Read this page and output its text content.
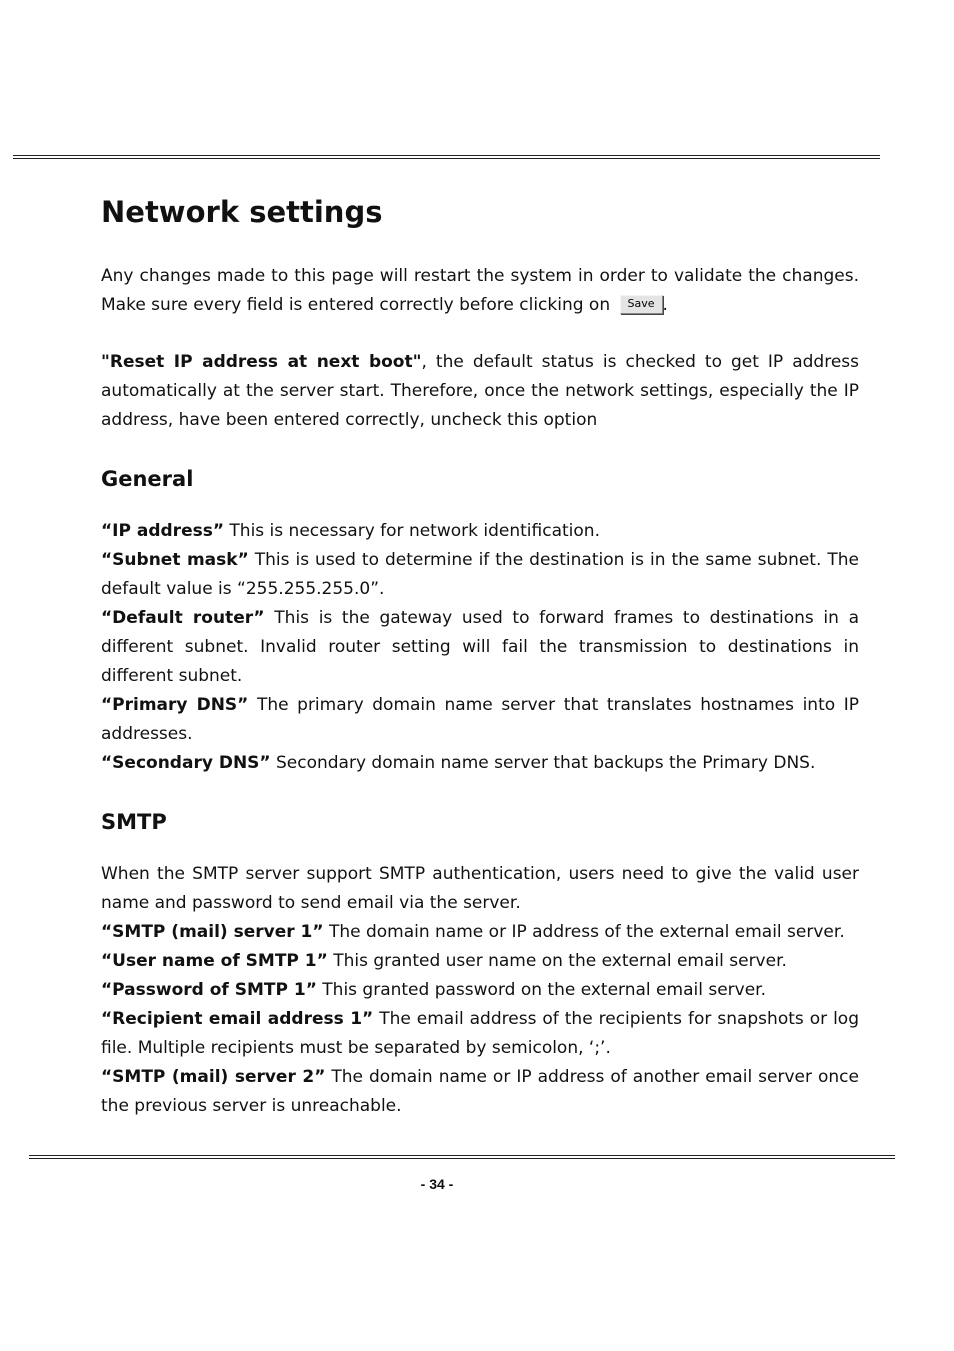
Network settings

Any changes made to this page will restart the system in order to validate the changes. Make sure every field is entered correctly before clicking on Save .

"Reset IP address at next boot", the default status is checked to get IP address automatically at the server start. Therefore, once the network settings, especially the IP address, have been entered correctly, uncheck this option

General

“IP address” This is necessary for network identification.

“Subnet mask” This is used to determine if the destination is in the same subnet. The default value is “255.255.255.0”.

“Default router” This is the gateway used to forward frames to destinations in a different subnet. Invalid router setting will fail the transmission to destinations in different subnet.

“Primary DNS” The primary domain name server that translates hostnames into IP addresses.

“Secondary DNS” Secondary domain name server that backups the Primary DNS.

SMTP

When the SMTP server support SMTP authentication, users need to give the valid user name and password to send email via the server.

“SMTP (mail) server 1” The domain name or IP address of the external email server.

“User name of SMTP 1” This granted user name on the external email server.

“Password of SMTP 1” This granted password on the external email server.

“Recipient email address 1” The email address of the recipients for snapshots or log file. Multiple recipients must be separated by semicolon, ‘;’.

“SMTP (mail) server 2” The domain name or IP address of another email server once the previous server is unreachable.

- 34 -
